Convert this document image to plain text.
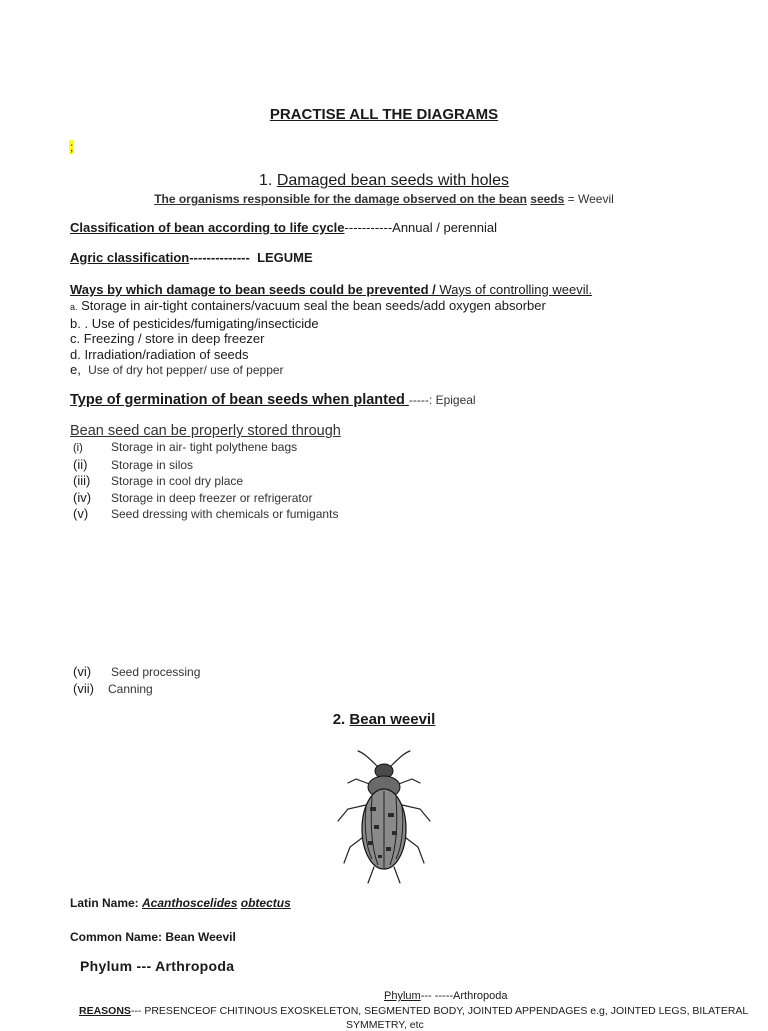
PRACTISE ALL THE DIAGRAMS
;
1. Damaged bean seeds with holes
The organisms responsible for the damage observed on the bean seeds = Weevil
Classification of bean according to life cycle-----------Annual / perennial
Agric classification-------------- LEGUME
Ways by which damage to bean seeds could be prevented / Ways of controlling weevil.
a. Storage in air-tight containers/vacuum seal the bean seeds/add oxygen absorber
b. . Use of pesticides/fumigating/insecticide
c. Freezing / store in deep freezer
d. Irradiation/radiation of seeds
e, Use of dry hot pepper/ use of pepper
Type of germination of bean seeds when planted -----: Epigeal
Bean seed can be properly stored through
(i) Storage in air- tight polythene bags
(ii) Storage in silos
(iii) Storage in cool dry place
(iv) Storage in deep freezer or refrigerator
(v) Seed dressing with chemicals or fumigants
(vi) Seed processing
(vii) Canning
2. Bean weevil
Latin Name: Acanthoscelides obtectus
Common Name: Bean Weevil
Phylum --- Arthropoda
Phylum--- -----Arthropoda
REASONS--- PRESENCEOF CHITINOUS EXOSKELETON, SEGMENTED BODY, JOINTED APPENDAGES e.g, JOINTED LEGS, BILATERAL
SYMMETRY, etc
